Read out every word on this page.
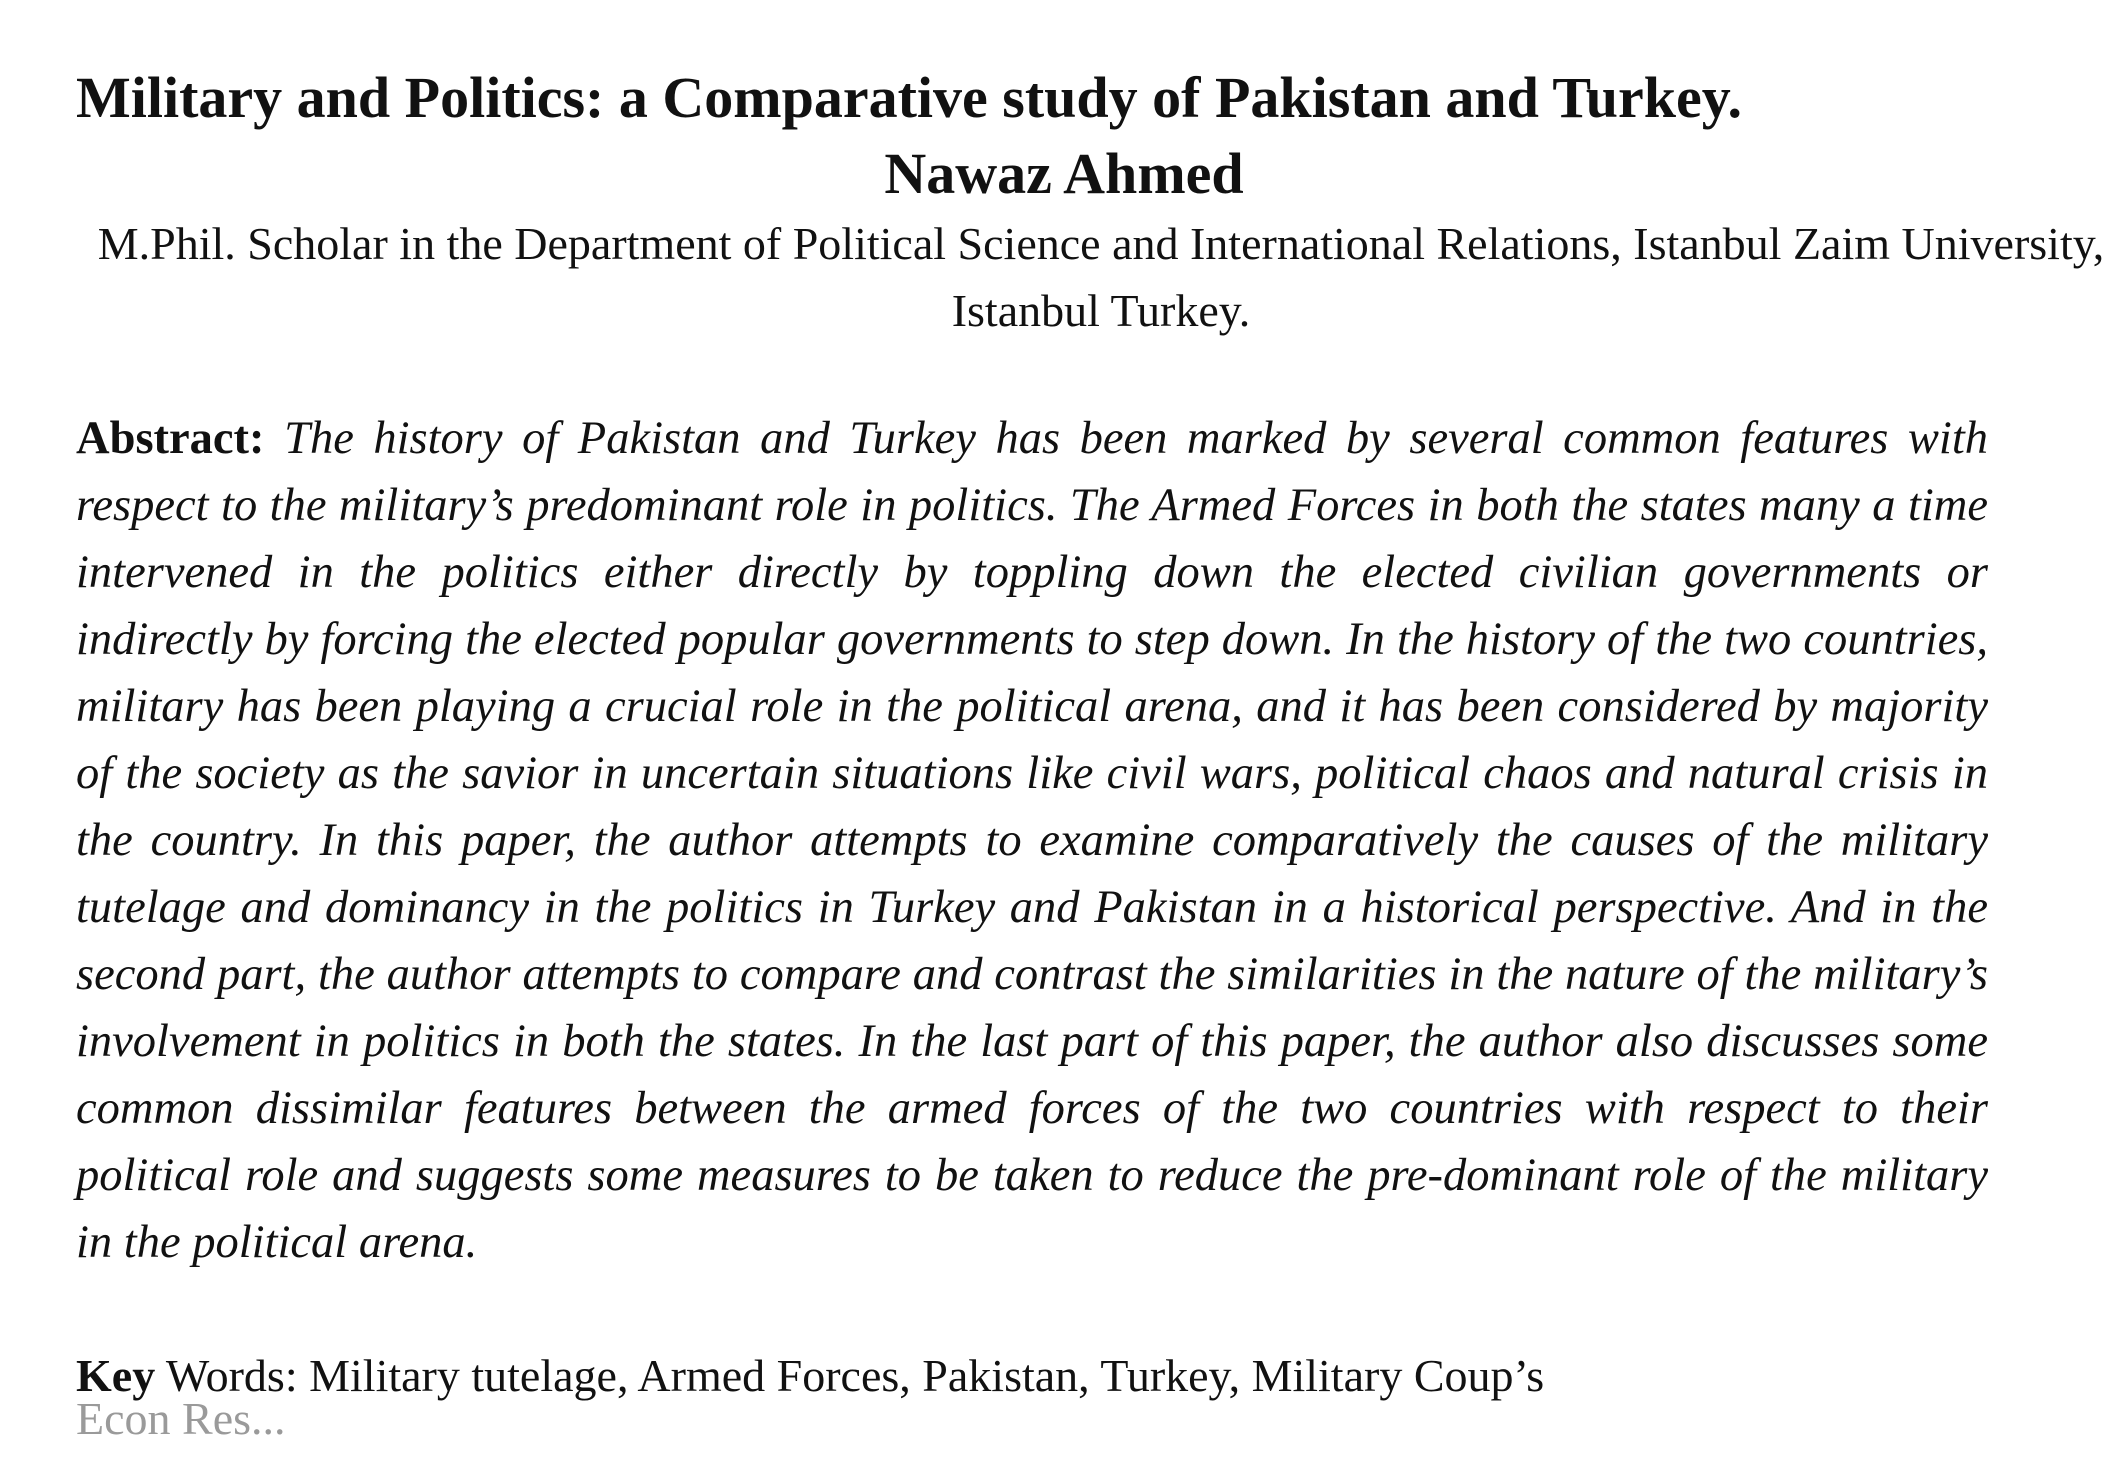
Military and Politics: a Comparative study of Pakistan and Turkey.
Nawaz Ahmed

M.Phil. Scholar in the Department of Political Science and International Relations, Istanbul Zaim University, Istanbul Turkey.

Abstract: The history of Pakistan and Turkey has been marked by several common features with respect to the military’s predominant role in politics. The Armed Forces in both the states many a time intervened in the politics either directly by toppling down the elected civilian governments or indirectly by forcing the elected popular governments to step down. In the history of the two countries, military has been playing a crucial role in the political arena, and it has been considered by majority of the society as the savior in uncertain situations like civil wars, political chaos and natural crisis in the country. In this paper, the author attempts to examine comparatively the causes of the military tutelage and dominancy in the politics in Turkey and Pakistan in a historical perspective. And in the second part, the author attempts to compare and contrast the similarities in the nature of the military’s involvement in politics in both the states. In the last part of this paper, the author also discusses some common dissimilar features between the armed forces of the two countries with respect to their political role and suggests some measures to be taken to reduce the pre-dominant role of the military in the political arena.

Key Words: Military tutelage, Armed Forces, Pakistan, Turkey, Military Coup’s

Econ Res...
